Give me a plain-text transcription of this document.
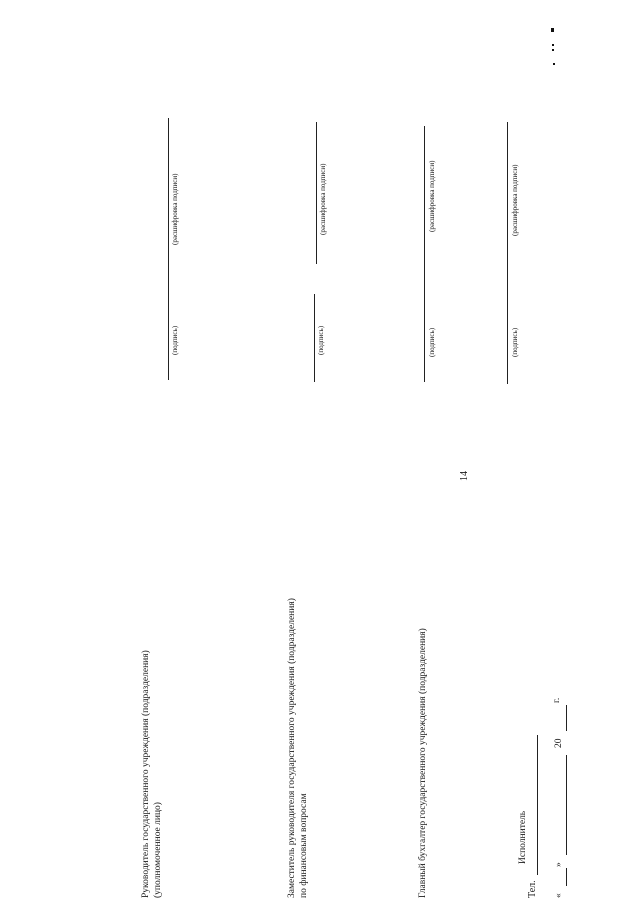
14
Руководитель государственного учреждения (подразделения) (уполномоченное лицо)
(подпись)
(расшифровка подписи)
Заместитель руководителя государственного учреждения (подразделения) по финансовым вопросам
(подпись)
(расшифровка подписи)
Главный бухгалтер государственного учреждения (подразделения)
(подпись)
(расшифровка подписи)
Исполнитель
(подпись)
(расшифровка подписи)
Тел. «
»
20
г.
